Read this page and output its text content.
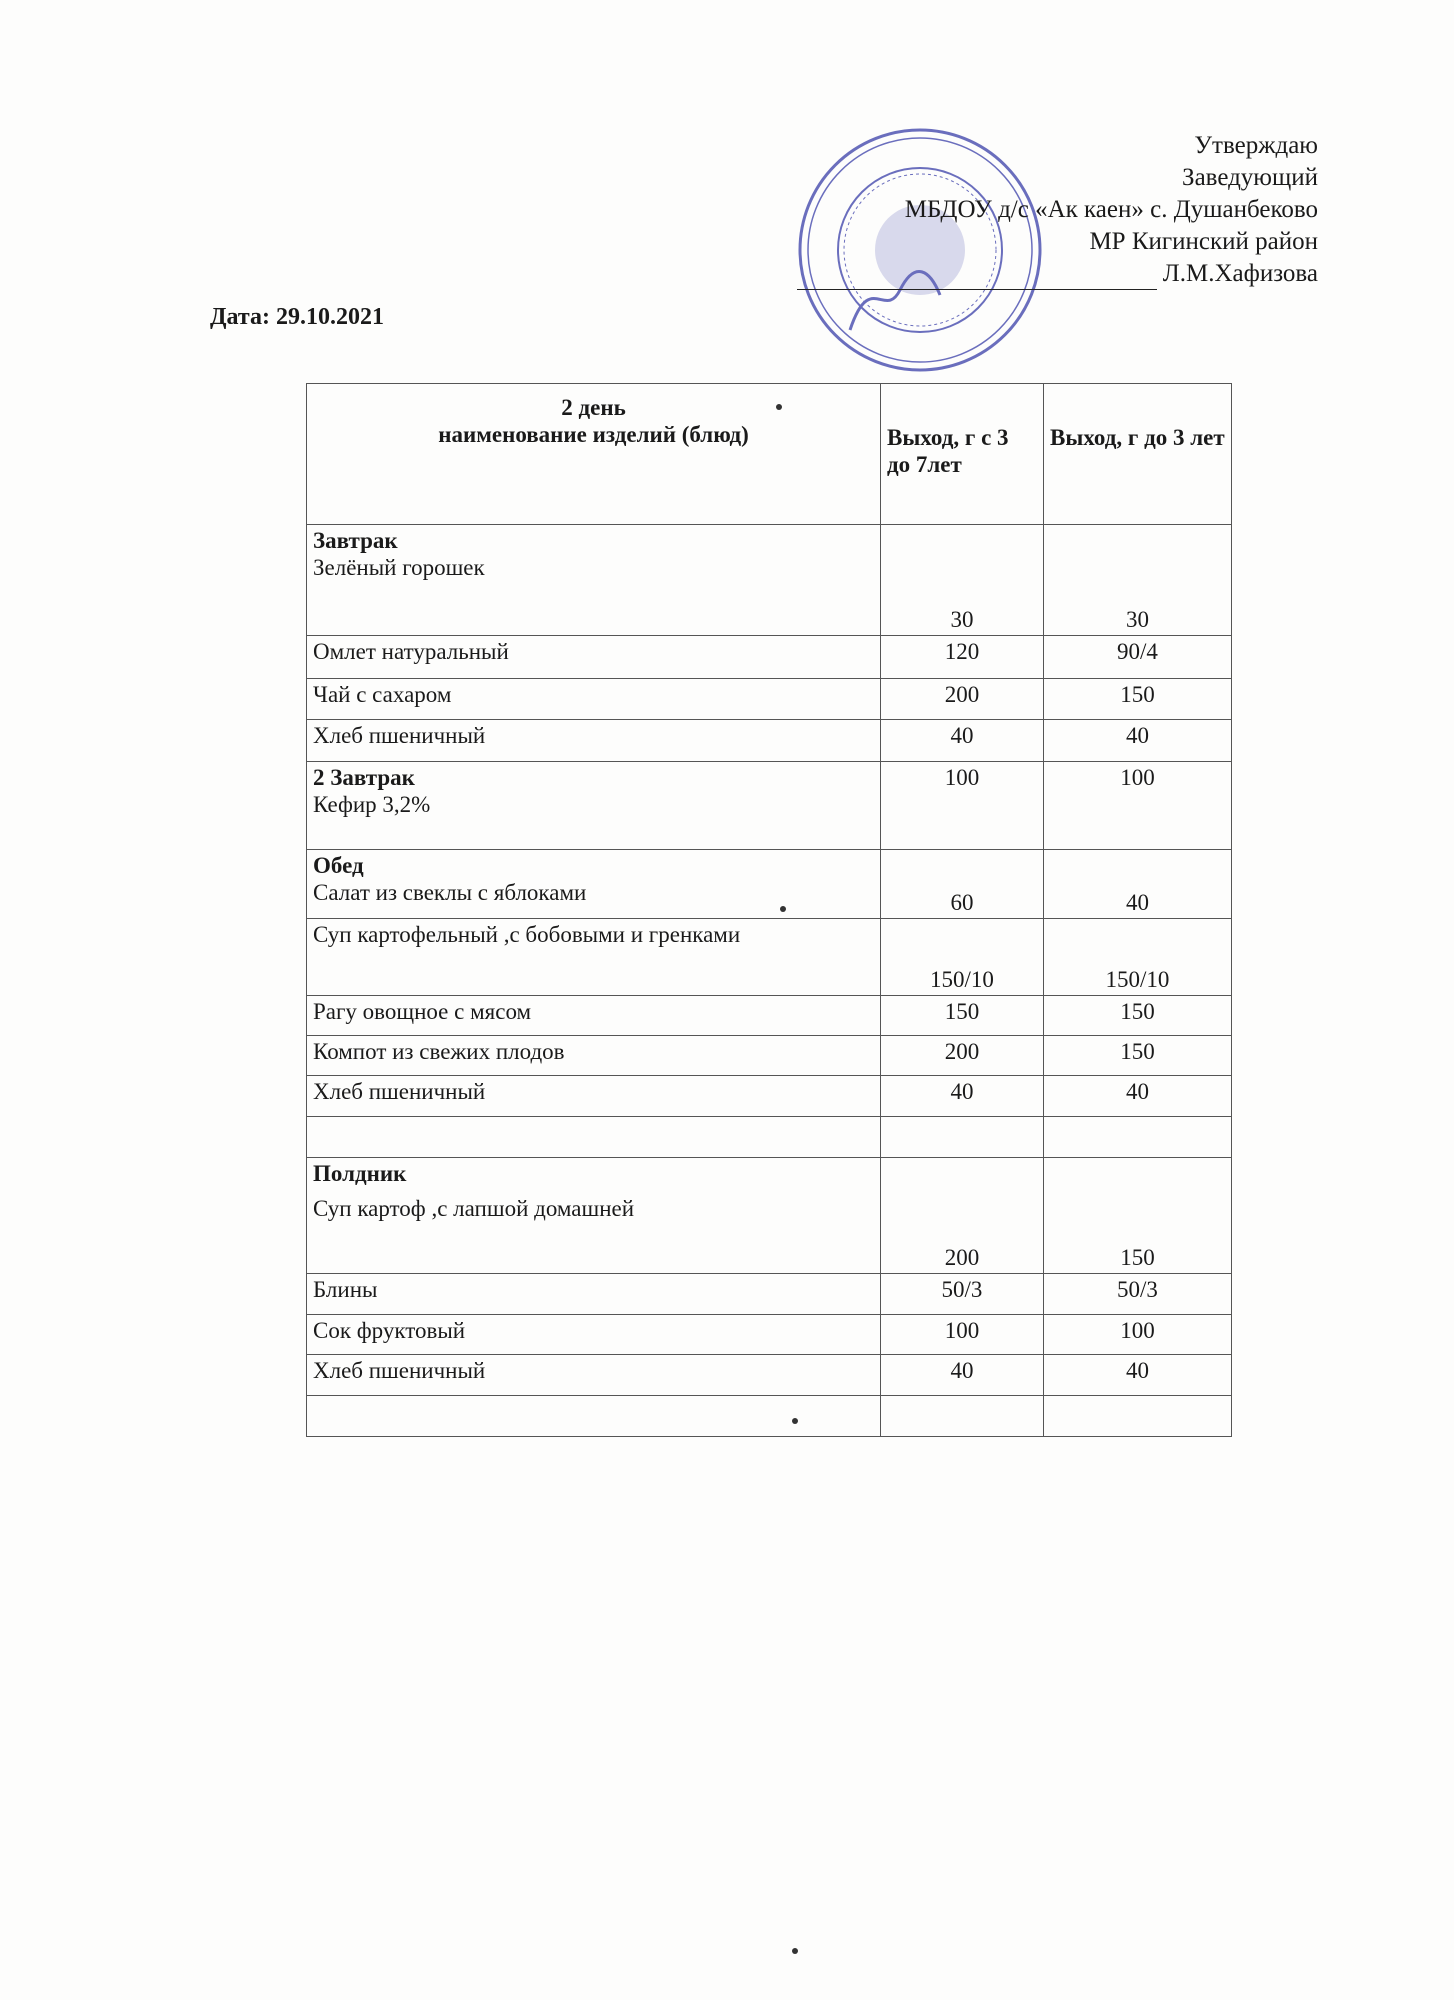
Утверждаю
Заведующий
МБДОУ д/с «Ак каен» с. Душанбеково
МР Кигинский район
Л.М.Хафизова
Дата: 29.10.2021
2 день
наименование изделий (блюд)	Выход, г с 3 до 7лет	Выход, г до 3 лет

Завтрак
Зелёный горошек	30	30

Омлет натуральный	120	90/4

Чай с сахаром	200	150

Хлеб пшеничный	40	40

2 Завтрак
Кефир 3,2%	100	100

Обед
Салат из свеклы с яблоками	60	40

Суп картофельный ,с бобовыми и гренками	150/10	150/10

Рагу овощное с мясом	150	150

Компот из свежих плодов	200	150

Хлеб пшеничный	40	40

Полдник
Суп картоф ,с лапшой домашней	200	150

Блины	50/3	50/3

Сок фруктовый	100	100

Хлеб пшеничный	40	40
